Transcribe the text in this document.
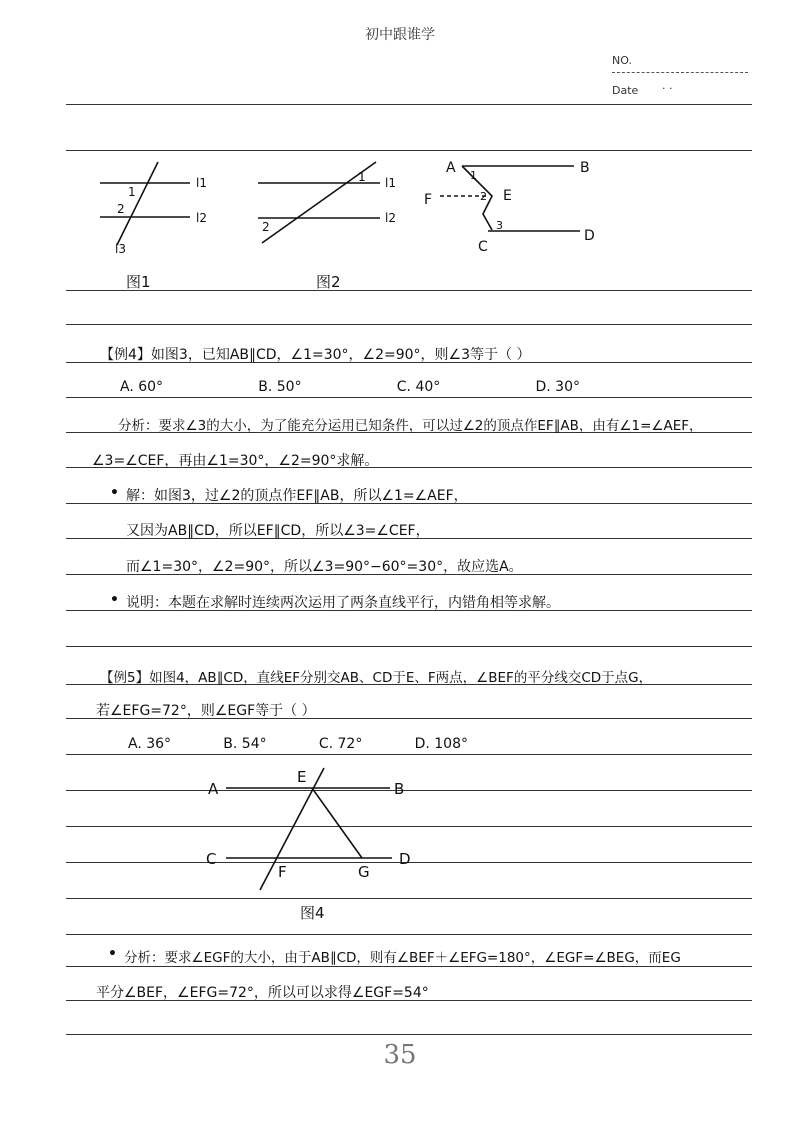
初中跟谁学
NO.
Date · ·
1
2
l1
l2
l3
图1
1
2
l1
l2
图2
A	B
1
F	2 E
3
C
D
【例4】如图3，已知AB∥CD，∠1=30°，∠2=90°，则∠3等于（ ）
A. 60°	B. 50°	C. 40°	D. 30°
分析：要求∠3的大小，为了能充分运用已知条件，可以过∠2的顶点作EF∥AB，由有∠1=∠AEF，
∠3=∠CEF，再由∠1=30°，∠2=90°求解。
• 解：如图3，过∠2的顶点作EF∥AB，所以∠1=∠AEF，
又因为AB∥CD，所以EF∥CD，所以∠3=∠CEF，
而∠1=30°，∠2=90°，所以∠3=90°−60°=30°，故应选A。
• 说明：本题在求解时连续两次运用了两条直线平行，内错角相等求解。
【例5】如图4，AB∥CD，直线EF分别交AB、CD于E、F两点，∠BEF的平分线交CD于点G，
若∠EFG=72°，则∠EGF等于（ ）
A. 36°	B. 54°	C. 72°	D. 108°
A
E
B
C
F	G
D
图4
• 分析：要求∠EGF的大小，由于AB∥CD，则有∠BEF＋∠EFG=180°，∠EGF=∠BEG，而EG
平分∠BEF，∠EFG=72°，所以可以求得∠EGF=54°
35
